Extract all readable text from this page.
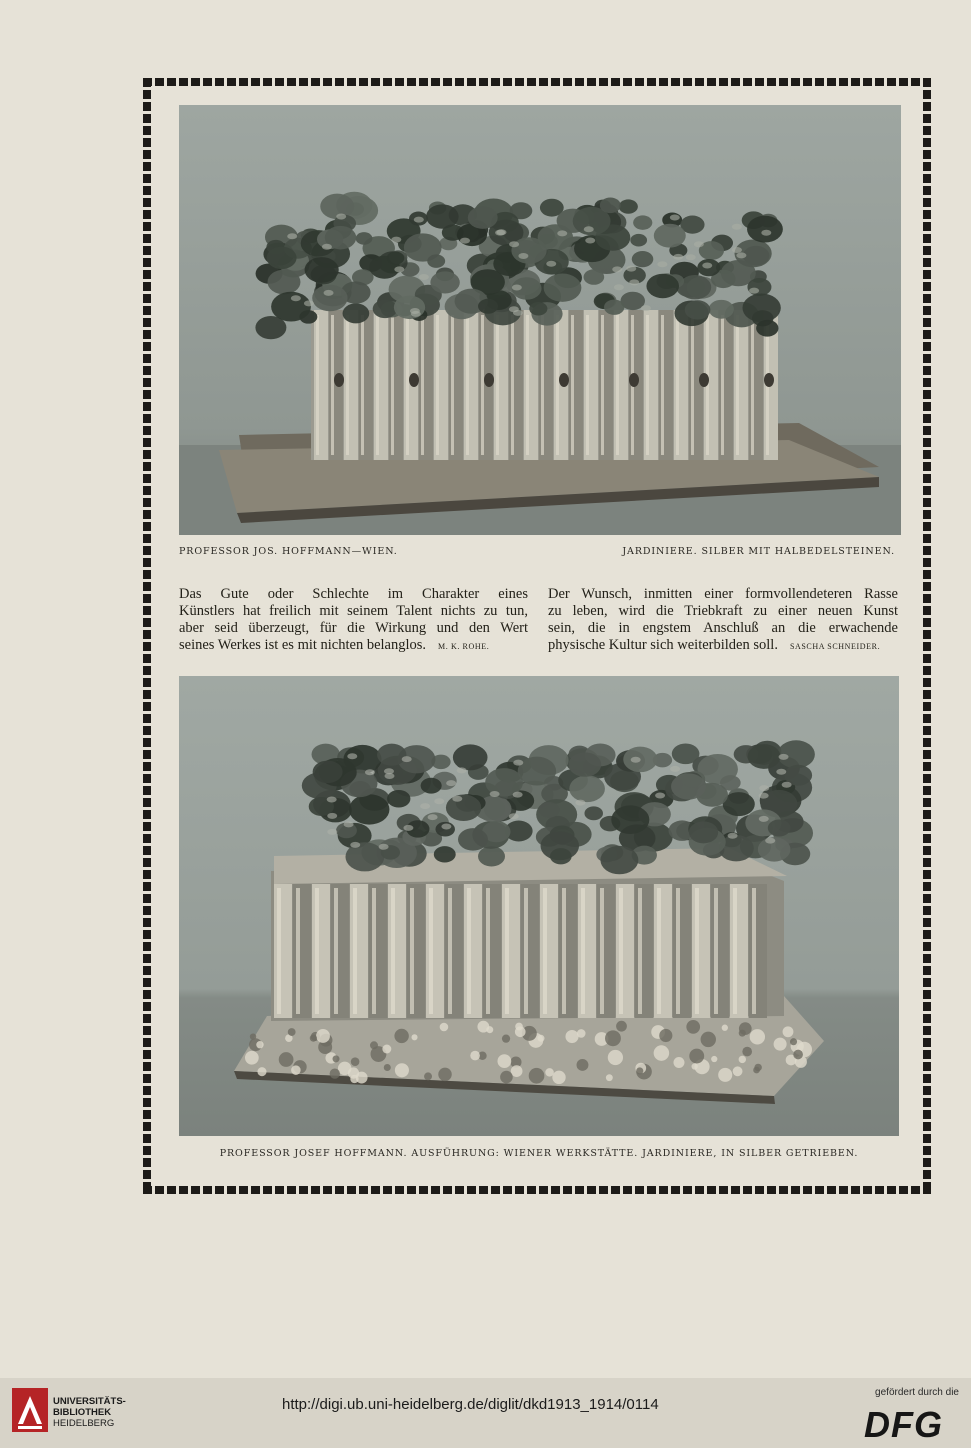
PROFESSOR JOS. HOFFMANN—WIEN.	JARDINIERE. SILBER MIT HALBEDELSTEINEN.
Das Gute oder Schlechte im Charakter eines
Künstlers hat freilich mit seinem Talent nichts zu tun,
aber seid überzeugt, für die Wirkung und den Wert
seines Werkes ist es mit nichten belanglos. M. K. ROHE.
Der Wunsch, inmitten einer formvollendeteren Rasse
zu leben, wird die Triebkraft zu einer neuen Kunst
sein, die in engstem Anschluß an die erwachende
physische Kultur sich weiterbilden soll. SASCHA SCHNEIDER.
PROFESSOR JOSEF HOFFMANN. AUSFÜHRUNG: WIENER WERKSTÄTTE. JARDINIERE, IN SILBER GETRIEBEN.
UNIVERSITÄTS-
BIBLIOTHEK
HEIDELBERG
http://digi.ub.uni-heidelberg.de/diglit/dkd1913_1914/0114
gefördert durch die
DFG
